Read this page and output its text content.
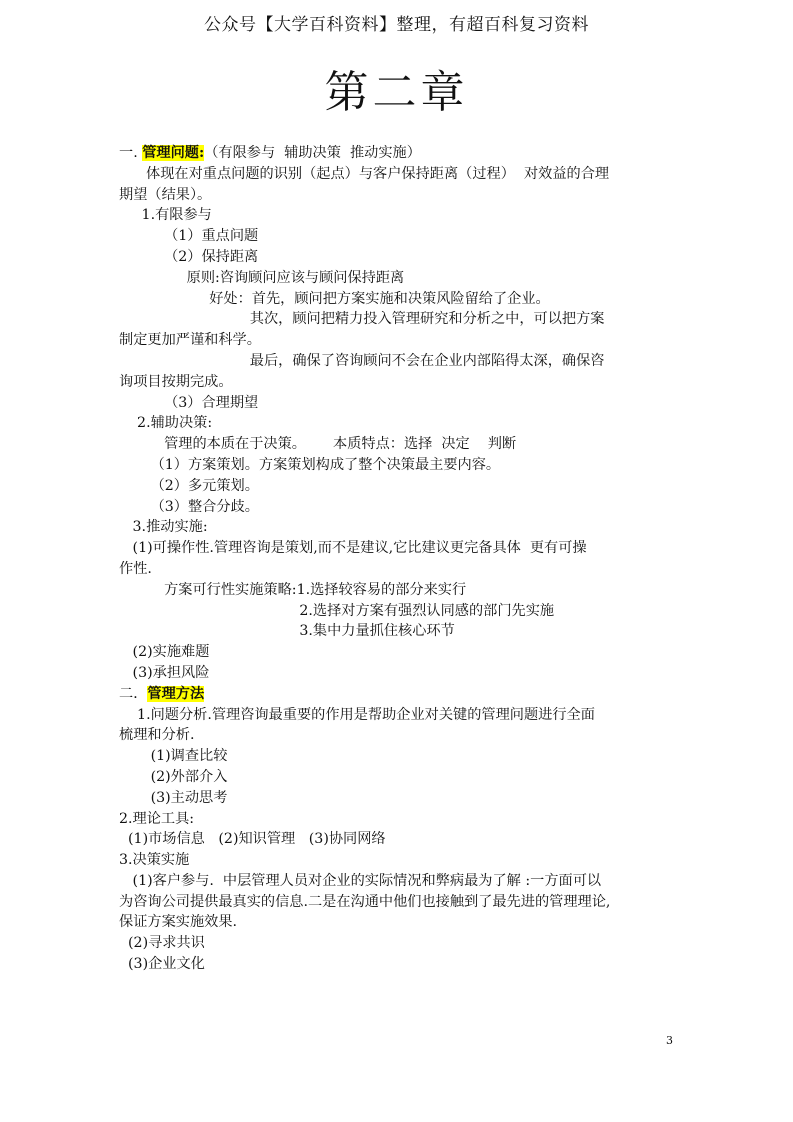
公众号【大学百科资料】整理，有超百科复习资料
第二章
一. 管理问题:（有限参与  辅助决策  推动实施）
体现在对重点问题的识别（起点）与客户保持距离（过程）  对效益的合理
期望（结果）。
1.有限参与
（1）重点问题
（2）保持距离
原则:咨询顾问应该与顾问保持距离
好处：首先，顾问把方案实施和决策风险留给了企业。
其次，顾问把精力投入管理研究和分析之中，可以把方案
制定更加严谨和科学。
最后，确保了咨询顾问不会在企业内部陷得太深，确保咨
询项目按期完成。
（3）合理期望
2.辅助决策:
管理的本质在于决策。      本质特点：选择  决定    判断
（1）方案策划。方案策划构成了整个决策最主要内容。
（2）多元策划。
（3）整合分歧。
3.推动实施:
(1)可操作性.管理咨询是策划,而不是建议,它比建议更完备具体  更有可操
作性.
方案可行性实施策略:1.选择较容易的部分来实行
2.选择对方案有强烈认同感的部门先实施
3.集中力量抓住核心环节
(2)实施难题
(3)承担风险
二．管理方法
1.问题分析.管理咨询最重要的作用是帮助企业对关键的管理问题进行全面
梳理和分析.
(1)调查比较
(2)外部介入
(3)主动思考
2.理论工具:
(1)市场信息   (2)知识管理   (3)协同网络
3.决策实施
(1)客户参与.  中层管理人员对企业的实际情况和弊病最为了解 :一方面可以
为咨询公司提供最真实的信息.二是在沟通中他们也接触到了最先进的管理理论,
保证方案实施效果.
(2)寻求共识
(3)企业文化
3
